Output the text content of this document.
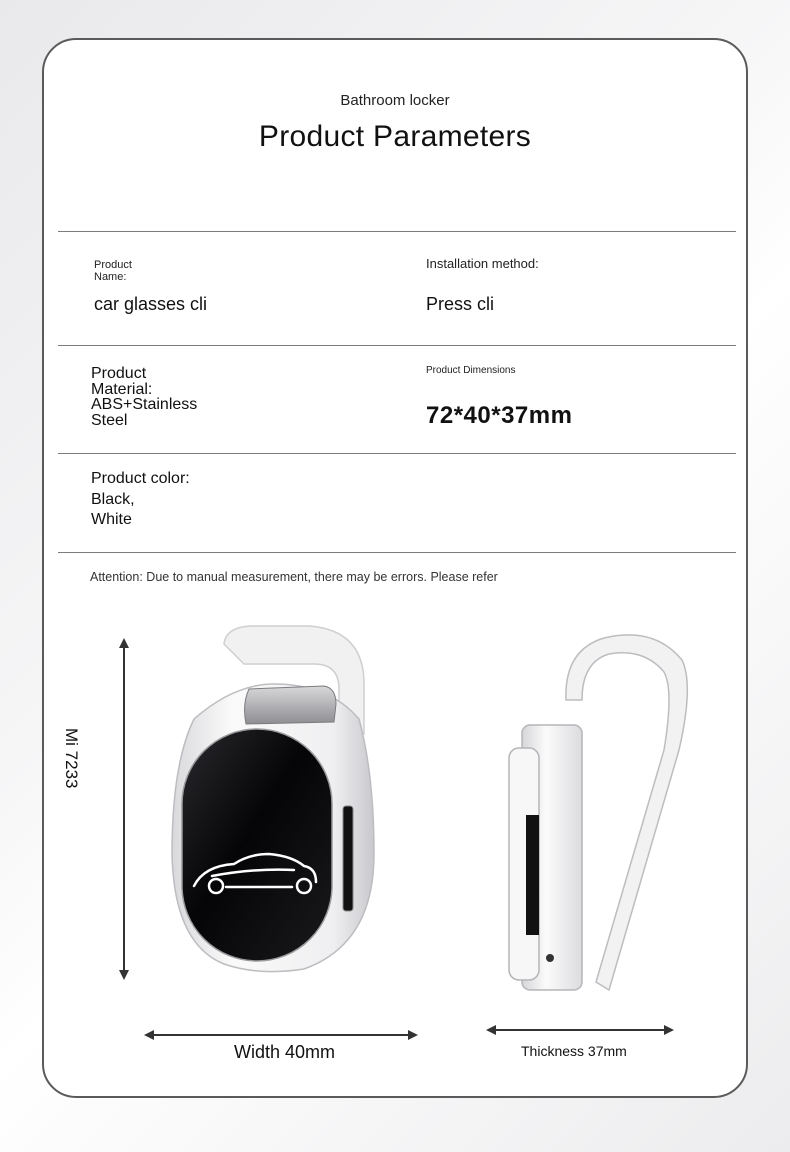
Bathroom locker
Product Parameters
Product
Name:
car glasses cli
Installation method:
Press cli
Product
Material:
ABS+Stainless
Steel
Product Dimensions
72*40*37mm
Product color:
Black,
White
Attention: Due to manual measurement, there may be errors. Please refer
Mi 7233
Width 40mm	Thickness 37mm
